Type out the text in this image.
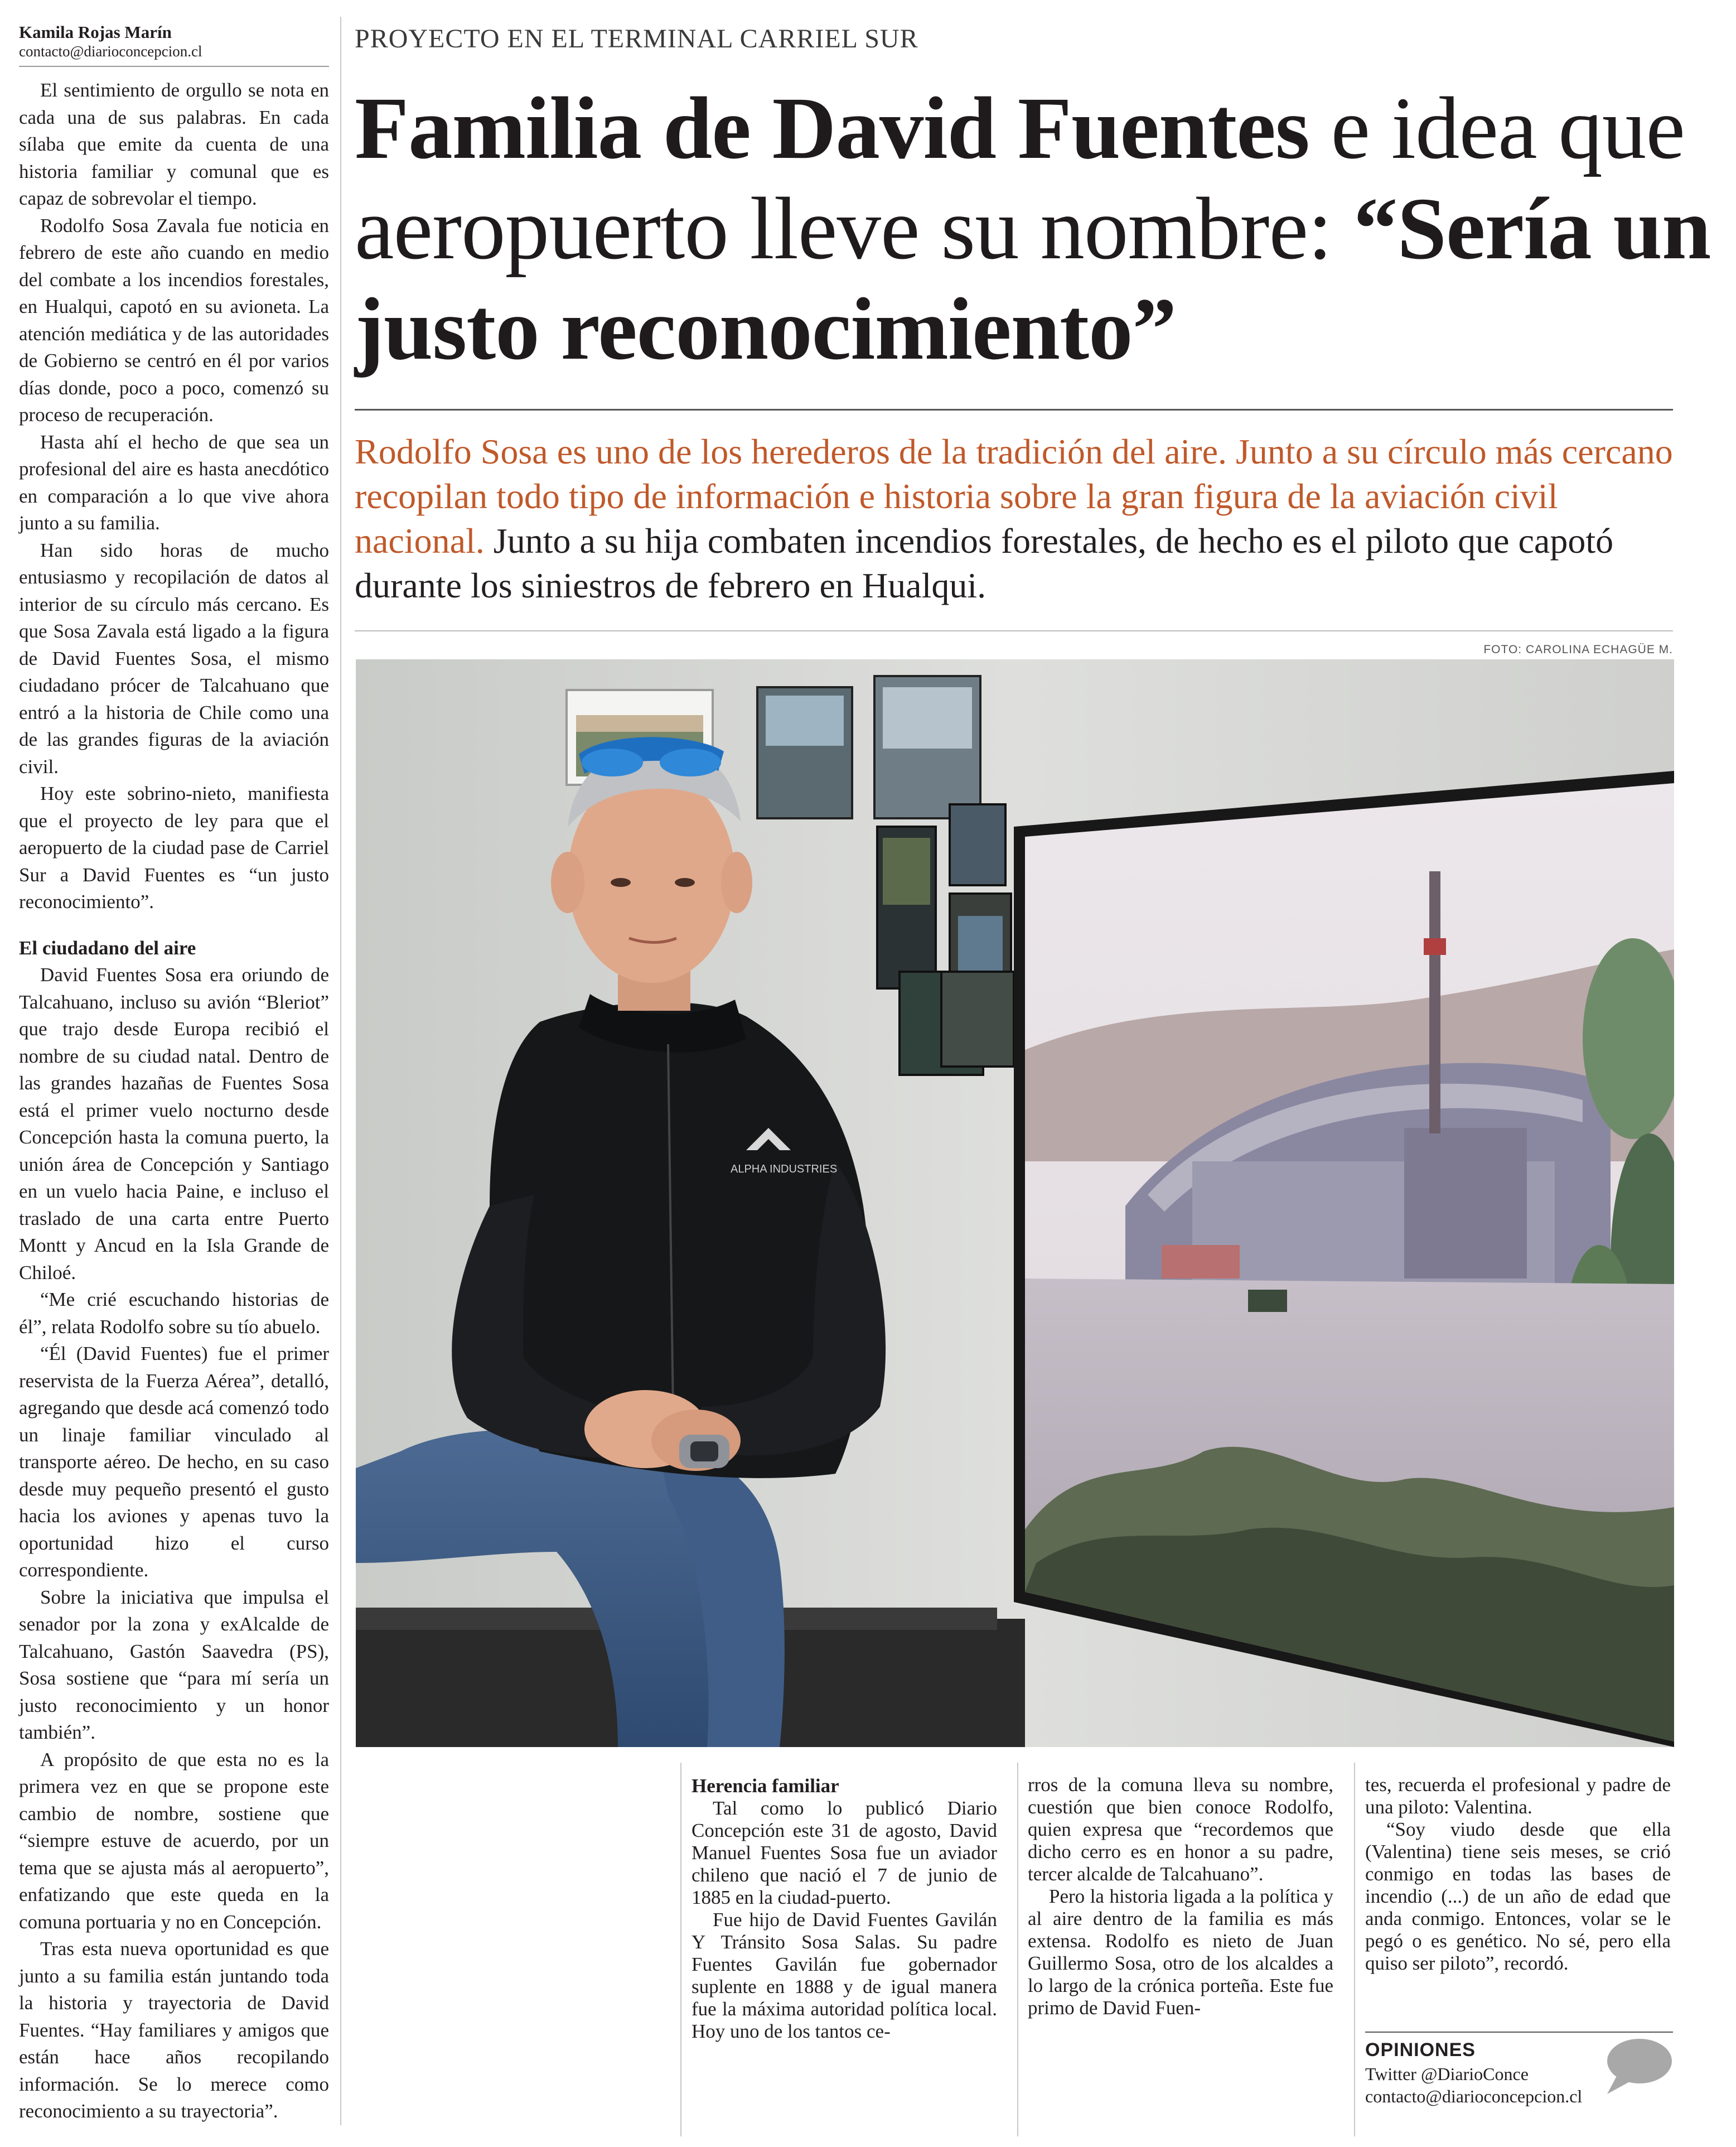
Kamila Rojas Marín
contacto@diarioconcepcion.cl

El sentimiento de orgullo se nota en cada una de sus palabras. En cada sílaba que emite da cuenta de una historia familiar y comunal que es capaz de sobrevolar el tiempo.

Rodolfo Sosa Zavala fue noticia en febrero de este año cuando en medio del combate a los incendios forestales, en Hualqui, capotó en su avioneta. La atención mediática y de las autoridades de Gobierno se centró en él por varios días donde, poco a poco, comenzó su proceso de recuperación.

Hasta ahí el hecho de que sea un profesional del aire es hasta anecdótico en comparación a lo que vive ahora junto a su familia.

Han sido horas de mucho entusiasmo y recopilación de datos al interior de su círculo más cercano. Es que Sosa Zavala está ligado a la figura de David Fuentes Sosa, el mismo ciudadano prócer de Talcahuano que entró a la historia de Chile como una de las grandes figuras de la aviación civil.

Hoy este sobrino-nieto, manifiesta que el proyecto de ley para que el aeropuerto de la ciudad pase de Carriel Sur a David Fuentes es “un justo reconocimiento”.

El ciudadano del aire

David Fuentes Sosa era oriundo de Talcahuano, incluso su avión “Bleriot” que trajo desde Europa recibió el nombre de su ciudad natal. Dentro de las grandes hazañas de Fuentes Sosa está el primer vuelo nocturno desde Concepción hasta la comuna puerto, la unión área de Concepción y Santiago en un vuelo hacia Paine, e incluso el traslado de una carta entre Puerto Montt y Ancud en la Isla Grande de Chiloé.

“Me crié escuchando historias de él”, relata Rodolfo sobre su tío abuelo.

“Él (David Fuentes) fue el primer reservista de la Fuerza Aérea”, detalló, agregando que desde acá comenzó todo un linaje familiar vinculado al transporte aéreo. De hecho, en su caso desde muy pequeño presentó el gusto hacia los aviones y apenas tuvo la oportunidad hizo el curso correspondiente.

Sobre la iniciativa que impulsa el senador por la zona y exAlcalde de Talcahuano, Gastón Saavedra (PS), Sosa sostiene que “para mí sería un justo reconocimiento y un honor también”.

A propósito de que esta no es la primera vez en que se propone este cambio de nombre, sostiene que “siempre estuve de acuerdo, por un tema que se ajusta más al aeropuerto”, enfatizando que este queda en la comuna portuaria y no en Concepción.

Tras esta nueva oportunidad es que junto a su familia están juntando toda la historia y trayectoria de David Fuentes. “Hay familiares y amigos que están hace años recopilando información. Se lo merece como reconocimiento a su trayectoria”.

PROYECTO EN EL TERMINAL CARRIEL SUR
Familia de David Fuentes e idea que aeropuerto lleve su nombre: “Sería un justo reconocimiento”
Rodolfo Sosa es uno de los herederos de la tradición del aire. Junto a su círculo más cercano recopilan todo tipo de información e historia sobre la gran figura de la aviación civil nacional. Junto a su hija combaten incendios forestales, de hecho es el piloto que capotó durante los siniestros de febrero en Hualqui.
FOTO: CAROLINA ECHAGÜE M.
ALPHA INDUSTRIES
Herencia familiar

Tal como lo publicó Diario Concepción este 31 de agosto, David Manuel Fuentes Sosa fue un aviador chileno que nació el 7 de junio de 1885 en la ciudad-puerto.

Fue hijo de David Fuentes Gavilán Y Tránsito Sosa Salas. Su padre Fuentes Gavilán fue gobernador suplente en 1888 y de igual manera fue la máxima autoridad política local. Hoy uno de los tantos ce-

rros de la comuna lleva su nombre, cuestión que bien conoce Rodolfo, quien expresa que “recordemos que dicho cerro es en honor a su padre, tercer alcalde de Talcahuano”.

Pero la historia ligada a la política y al aire dentro de la familia es más extensa. Rodolfo es nieto de Juan Guillermo Sosa, otro de los alcaldes a lo largo de la crónica porteña. Este fue primo de David Fuen-

tes, recuerda el profesional y padre de una piloto: Valentina.

“Soy viudo desde que ella (Valentina) tiene seis meses, se crió conmigo en todas las bases de incendio (...) de un año de edad que anda conmigo. Entonces, volar se le pegó o es genético. No sé, pero ella quiso ser piloto”, recordó.

OPINIONES
Twitter @DiarioConce
contacto@diarioconcepcion.cl
